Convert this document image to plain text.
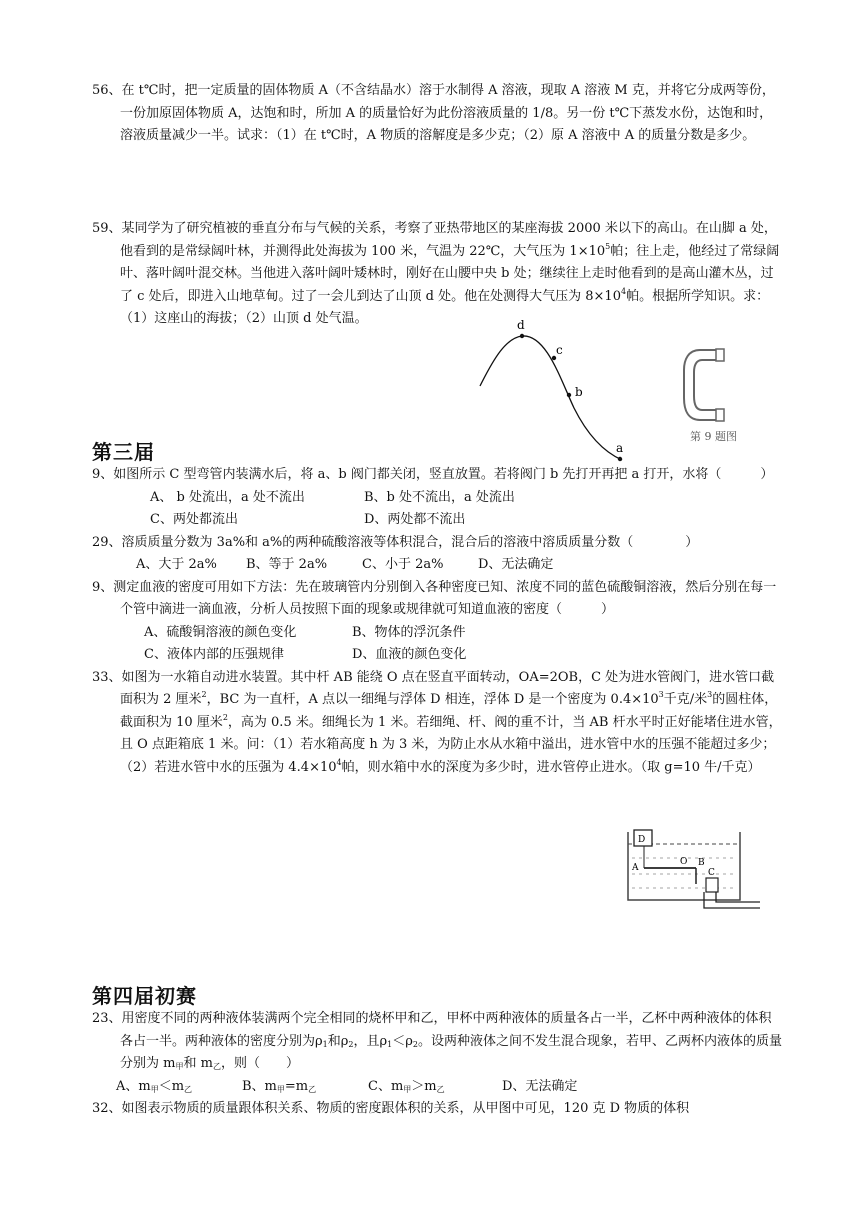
56、在 t℃时，把一定质量的固体物质 A（不含结晶水）溶于水制得 A 溶液，现取 A 溶液 M 克，并将它分成两等份，一份加原固体物质 A，达饱和时，所加 A 的质量恰好为此份溶液质量的 1/8。另一份 t℃下蒸发水份，达饱和时，溶液质量减少一半。试求：（1）在 t℃时，A 物质的溶解度是多少克；（2）原 A 溶液中 A 的质量分数是多少。

59、某同学为了研究植被的垂直分布与气候的关系，考察了亚热带地区的某座海拔 2000 米以下的高山。在山脚 a 处，他看到的是常绿阔叶林，并测得此处海拔为 100 米，气温为 22℃，大气压为 $1\times 10^5$帕；往上走，他经过了常绿阔叶、落叶阔叶混交林。当他进入落叶阔叶矮林时，刚好在山腰中央 b 处；继续往上走时他看到的是高山灌木丛，过了 c 处后，即进入山地草甸。过了一会儿到达了山顶 d 处。他在处测得大气压为 $8\times 10^4$帕。根据所学知识。求：（1）这座山的海拔；（2）山顶 d 处气温。	d
c
b
a
第 9 题图
第三届

9、如图所示 C 型弯管内装满水后，将 a、b 阀门都关闭，竖直放置。若将阀门 b 先打开再把 a 打开，水将（　　　）

A、 b 处流出，a 处不流出	B、b 处不流出，a 处流出

C、两处都流出	D、两处都不流出

29、溶质质量分数为 3a%和 a%的两种硫酸溶液等体积混合，混合后的溶液中溶质质量分数（　　　　）

A、大于 2a% B、等于 2a%	C、小于 2a%	D、无法确定

9、测定血液的密度可用如下方法：先在玻璃管内分别倒入各种密度已知、浓度不同的蓝色硫酸铜溶液，然后分别在每一个管中滴进一滴血液，分析人员按照下面的现象或规律就可知道血液的密度（　　　）

A、硫酸铜溶液的颜色变化	B、物体的浮沉条件

C、液体内部的压强规律	D、血液的颜色变化

33、如图为一水箱自动进水装置。其中杆 AB 能绕 O 点在竖直平面转动，OA=2OB，C 处为进水管阀门，进水管口截面积为 2 厘米$^2$，BC 为一直杆，A 点以一细绳与浮体 D 相连，浮体 D 是一个密度为 $0.4\times 10^3$千克/米$^3$的圆柱体，截面积为 10 厘米$^2$，高为 0.5 米。细绳长为 1 米。若细绳、杆、阀的重不计，当 AB 杆水平时正好能堵住进水管，且 O 点距箱底 1 米。问：（1）若水箱高度 h 为 3 米，为防止水从水箱中溢出，进水管中水的压强不能超过多少；（2）若进水管中水的压强为 $4.4\times 10^4$帕，则水箱中水的深度为多少时，进水管停止进水。（取 g=10 牛/千克）

D
A
O B
C
第四届初赛

23、用密度不同的两种液体装满两个完全相同的烧杯甲和乙，甲杯中两种液体的质量各占一半，乙杯中两种液体的体积各占一半。两种液体的密度分别为$\rho_1$和$\rho_2$，且$\rho_1<\rho_2$。设两种液体之间不发生混合现象，若甲、乙两杯内液体的质量分别为 $m_甲$和 $m_乙$，则（　　）

A、$m_甲<m_乙$	B、$m_甲=m_乙$	C、$m_甲>m_乙$	D、无法确定

32、如图表示物质的质量跟体积关系、物质的密度跟体积的关系，从甲图中可见，120 克 D 物质的体积
